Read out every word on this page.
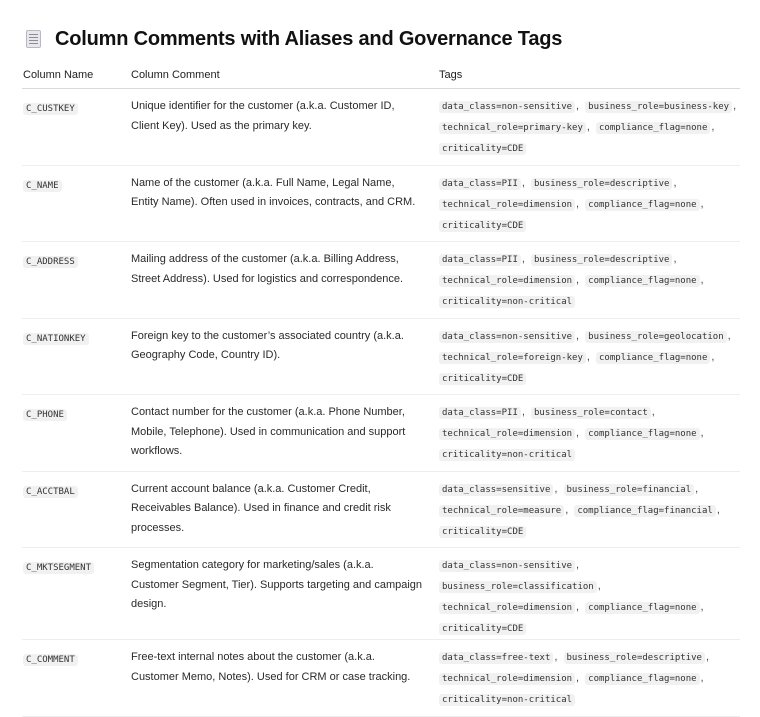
Column Comments with Aliases and Governance Tags
Column Name	Column Comment	Tags
C_CUSTKEY	Unique identifier for the customer (a.k.a. Customer ID, Client Key). Used as the primary key.	data_class=non-sensitive , business_role=business-key , technical_role=primary-key , compliance_flag=none , criticality=CDE

C_NAME	Name of the customer (a.k.a. Full Name, Legal Name, Entity Name). Often used in invoices, contracts, and CRM.	data_class=PII , business_role=descriptive , technical_role=dimension , compliance_flag=none , criticality=CDE

C_ADDRESS	Mailing address of the customer (a.k.a. Billing Address, Street Address). Used for logistics and correspondence.	data_class=PII , business_role=descriptive , technical_role=dimension , compliance_flag=none , criticality=non-critical

C_NATIONKEY	Foreign key to the customer’s associated country (a.k.a. Geography Code, Country ID).	data_class=non-sensitive , business_role=geolocation , technical_role=foreign-key , compliance_flag=none , criticality=CDE

C_PHONE	Contact number for the customer (a.k.a. Phone Number, Mobile, Telephone). Used in communication and support workflows.	data_class=PII , business_role=contact , technical_role=dimension , compliance_flag=none , criticality=non-critical

C_ACCTBAL	Current account balance (a.k.a. Customer Credit, Receivables Balance). Used in finance and credit risk processes.	data_class=sensitive , business_role=financial , technical_role=measure , compliance_flag=financial , criticality=CDE

C_MKTSEGMENT	Segmentation category for marketing/sales (a.k.a. Customer Segment, Tier). Supports targeting and campaign design.	data_class=non-sensitive , business_role=classification , technical_role=dimension , compliance_flag=none , criticality=CDE

C_COMMENT	Free-text internal notes about the customer (a.k.a. Customer Memo, Notes). Used for CRM or case tracking.	data_class=free-text , business_role=descriptive , technical_role=dimension , compliance_flag=none , criticality=non-critical
